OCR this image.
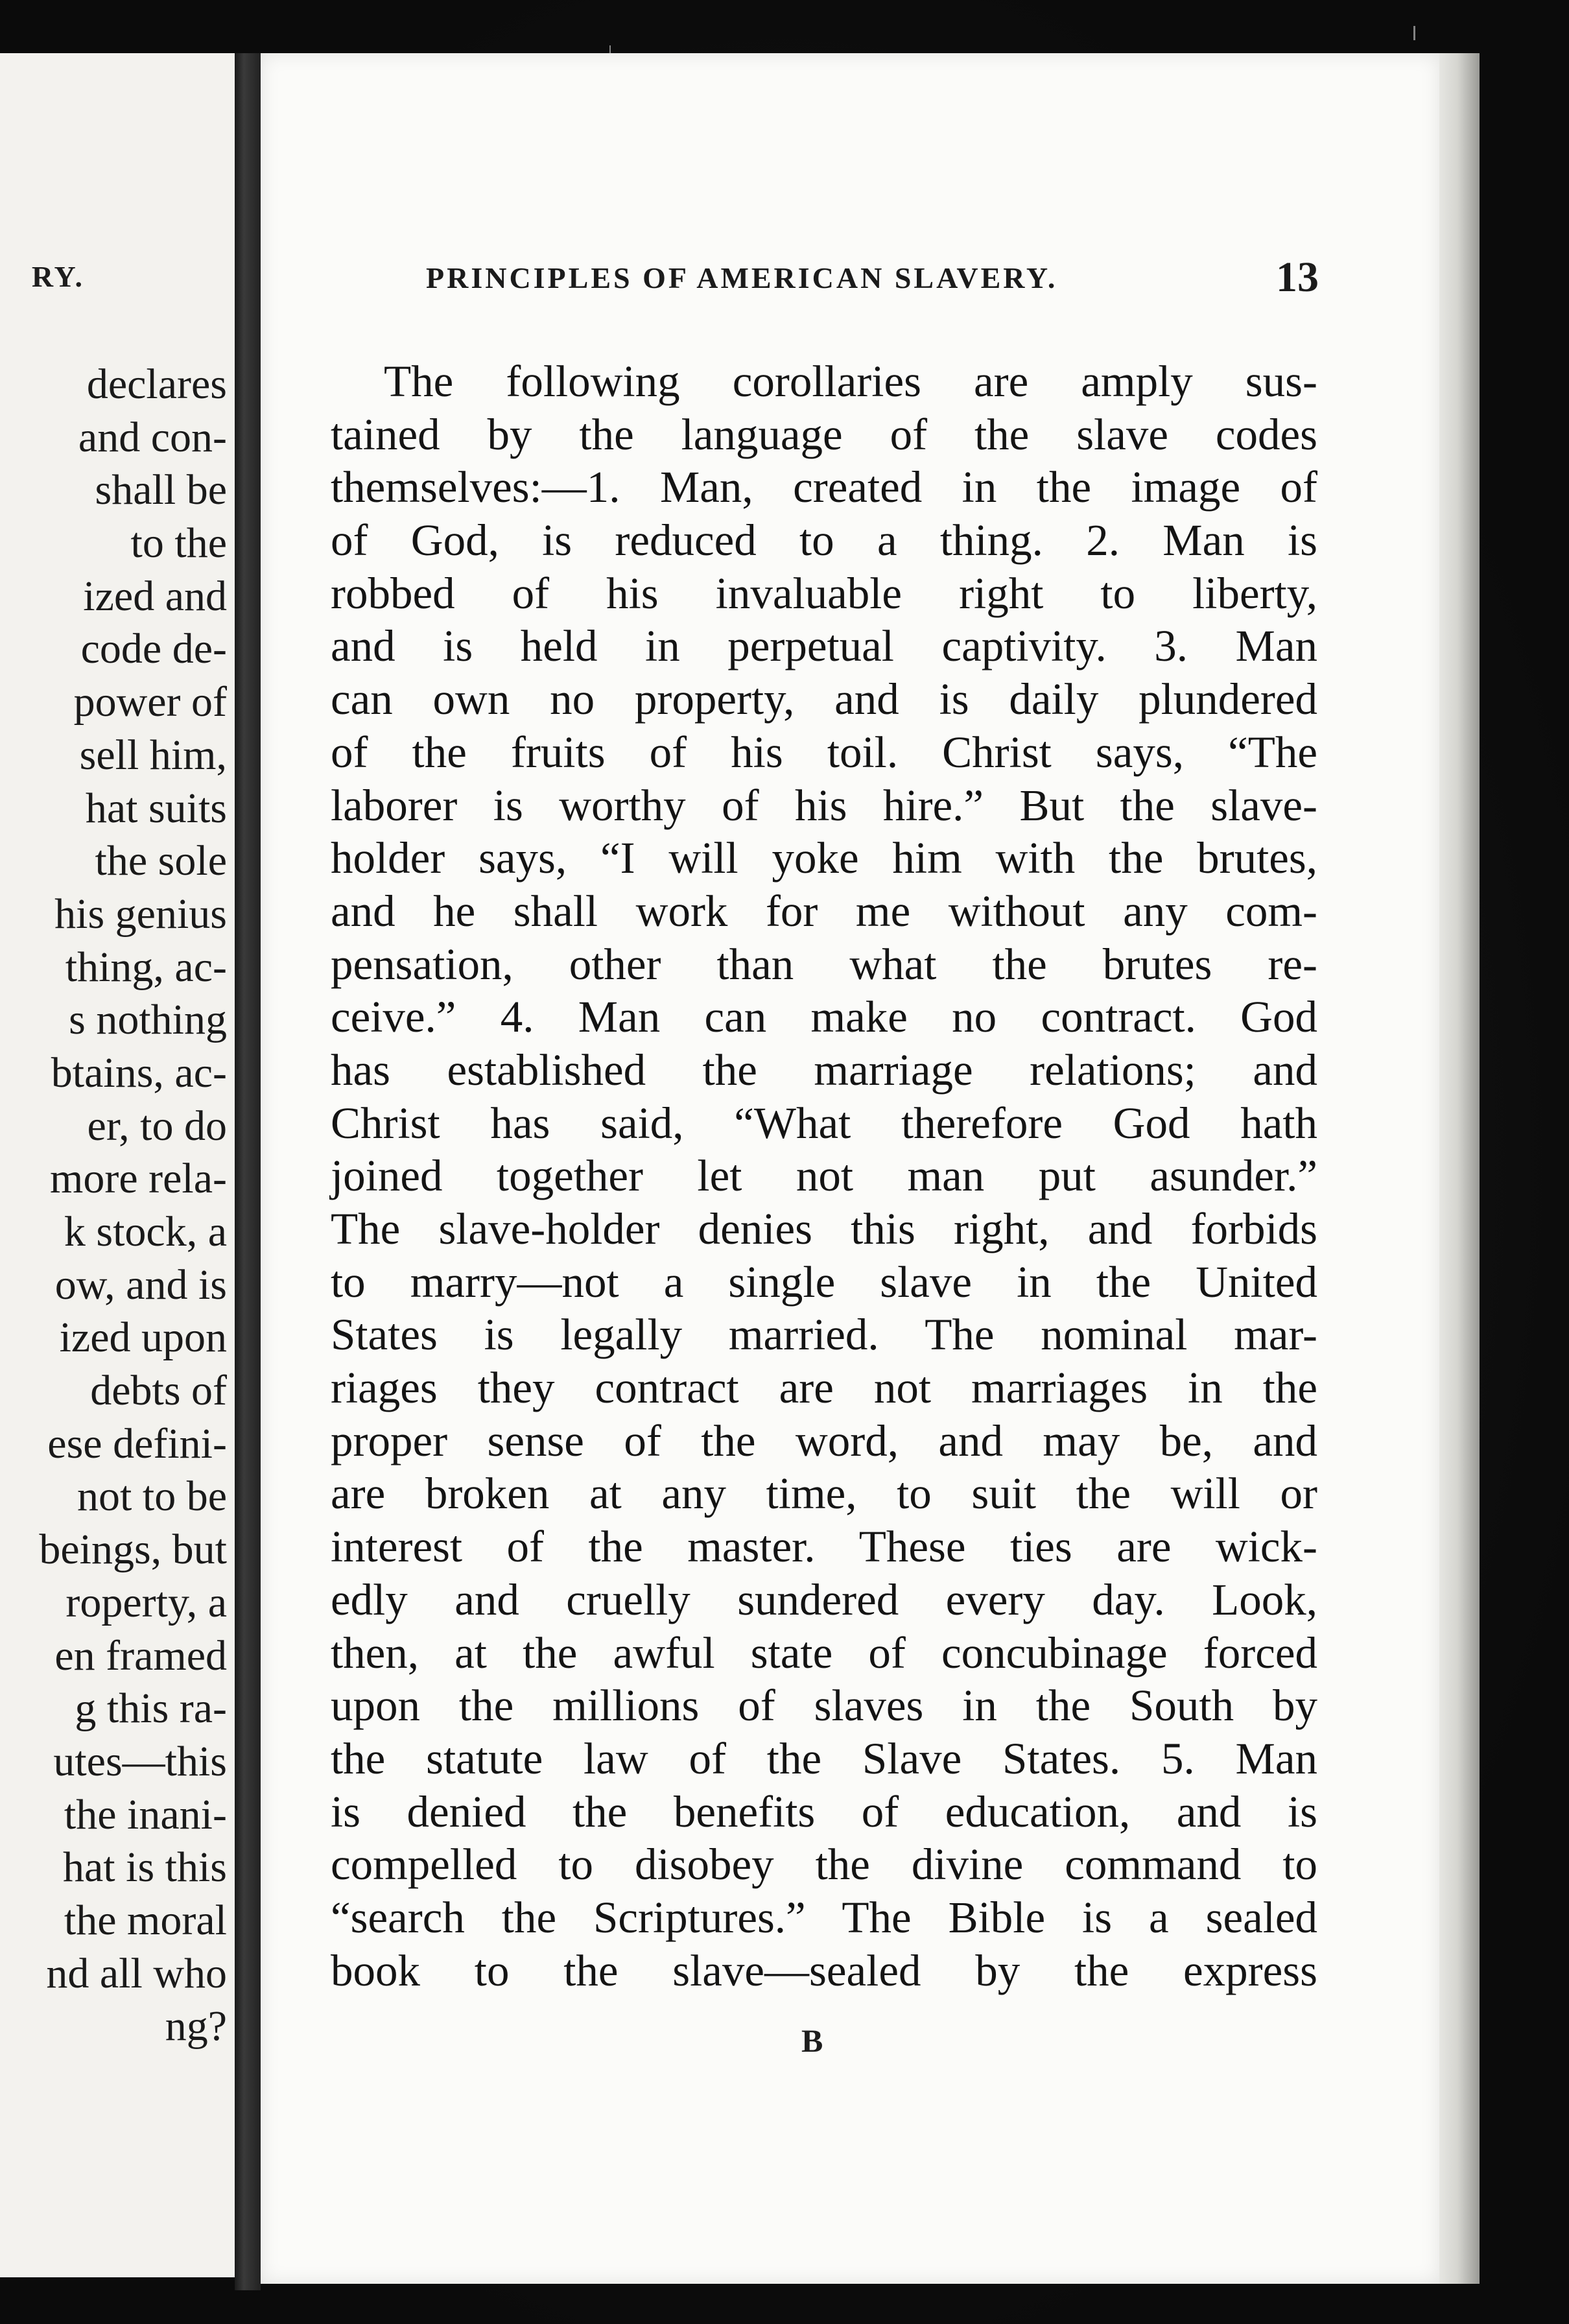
RY.
declares
and con-
shall be
to the
ized and
code de-
power of
sell him,
hat suits
the sole
his genius
thing, ac-
s nothing
btains, ac-
er, to do
more rela-
k stock, a
ow, and is
ized upon
debts of
ese defini-
not to be
beings, but
roperty, a
en framed
g this ra-
utes—this
the inani-
hat is this
the moral
nd all who
ng?
PRINCIPLES OF AMERICAN SLAVERY.	13
The following corollaries are amply sus-
tained by the language of the slave codes
themselves:—1. Man, created in the image of
of God, is reduced to a thing. 2. Man is
robbed of his invaluable right to liberty,
and is held in perpetual captivity. 3. Man
can own no property, and is daily plundered
of the fruits of his toil. Christ says, “The
laborer is worthy of his hire.” But the slave-
holder says, “I will yoke him with the brutes,
and he shall work for me without any com-
pensation, other than what the brutes re-
ceive.” 4. Man can make no contract. God
has established the marriage relations; and
Christ has said, “What therefore God hath
joined together let not man put asunder.”
The slave-holder denies this right, and forbids
to marry—not a single slave in the United
States is legally married. The nominal mar-
riages they contract are not marriages in the
proper sense of the word, and may be, and
are broken at any time, to suit the will or
interest of the master. These ties are wick-
edly and cruelly sundered every day. Look,
then, at the awful state of concubinage forced
upon the millions of slaves in the South by
the statute law of the Slave States. 5. Man
is denied the benefits of education, and is
compelled to disobey the divine command to
“search the Scriptures.” The Bible is a sealed
book to the slave—sealed by the express
B
